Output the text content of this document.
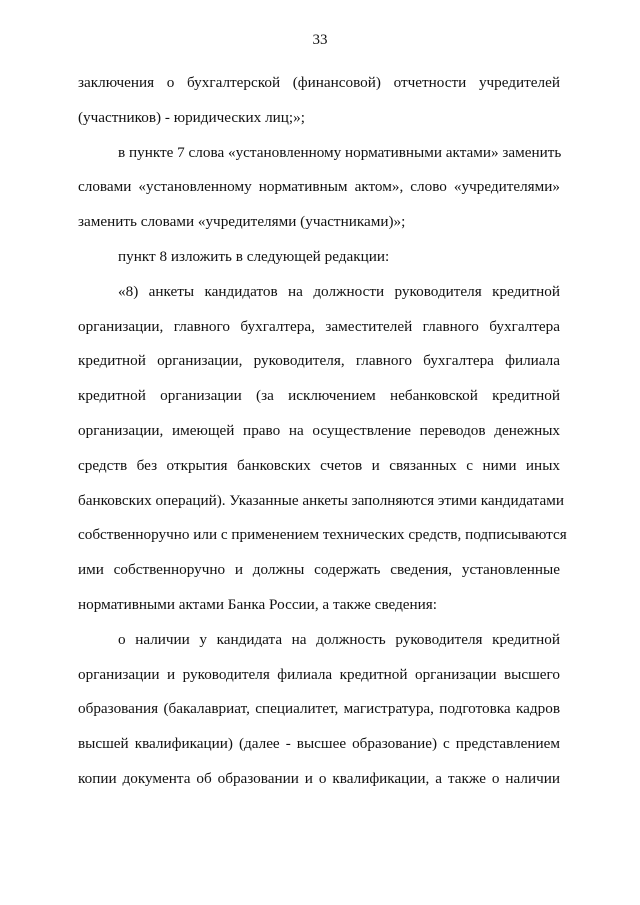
33
заключения о бухгалтерской (финансовой) отчетности учредителей
(участников) - юридических лиц;»;
в пункте 7 слова «установленному нормативными актами» заменить
словами «установленному нормативным актом», слово «учредителями»
заменить словами «учредителями (участниками)»;
пункт 8 изложить в следующей редакции:
«8) анкеты кандидатов на должности руководителя кредитной
организации, главного бухгалтера, заместителей главного бухгалтера
кредитной организации, руководителя, главного бухгалтера филиала
кредитной организации (за исключением небанковской кредитной
организации, имеющей право на осуществление переводов денежных
средств без открытия банковских счетов и связанных с ними иных
банковских операций). Указанные анкеты заполняются этими кандидатами
собственноручно или с применением технических средств, подписываются
ими собственноручно и должны содержать сведения, установленные
нормативными актами Банка России, а также сведения:
о наличии у кандидата на должность руководителя кредитной
организации и руководителя филиала кредитной организации высшего
образования (бакалавриат, специалитет, магистратура, подготовка кадров
высшей квалификации) (далее - высшее образование) с представлением
копии документа об образовании и о квалификации, а также о наличии
